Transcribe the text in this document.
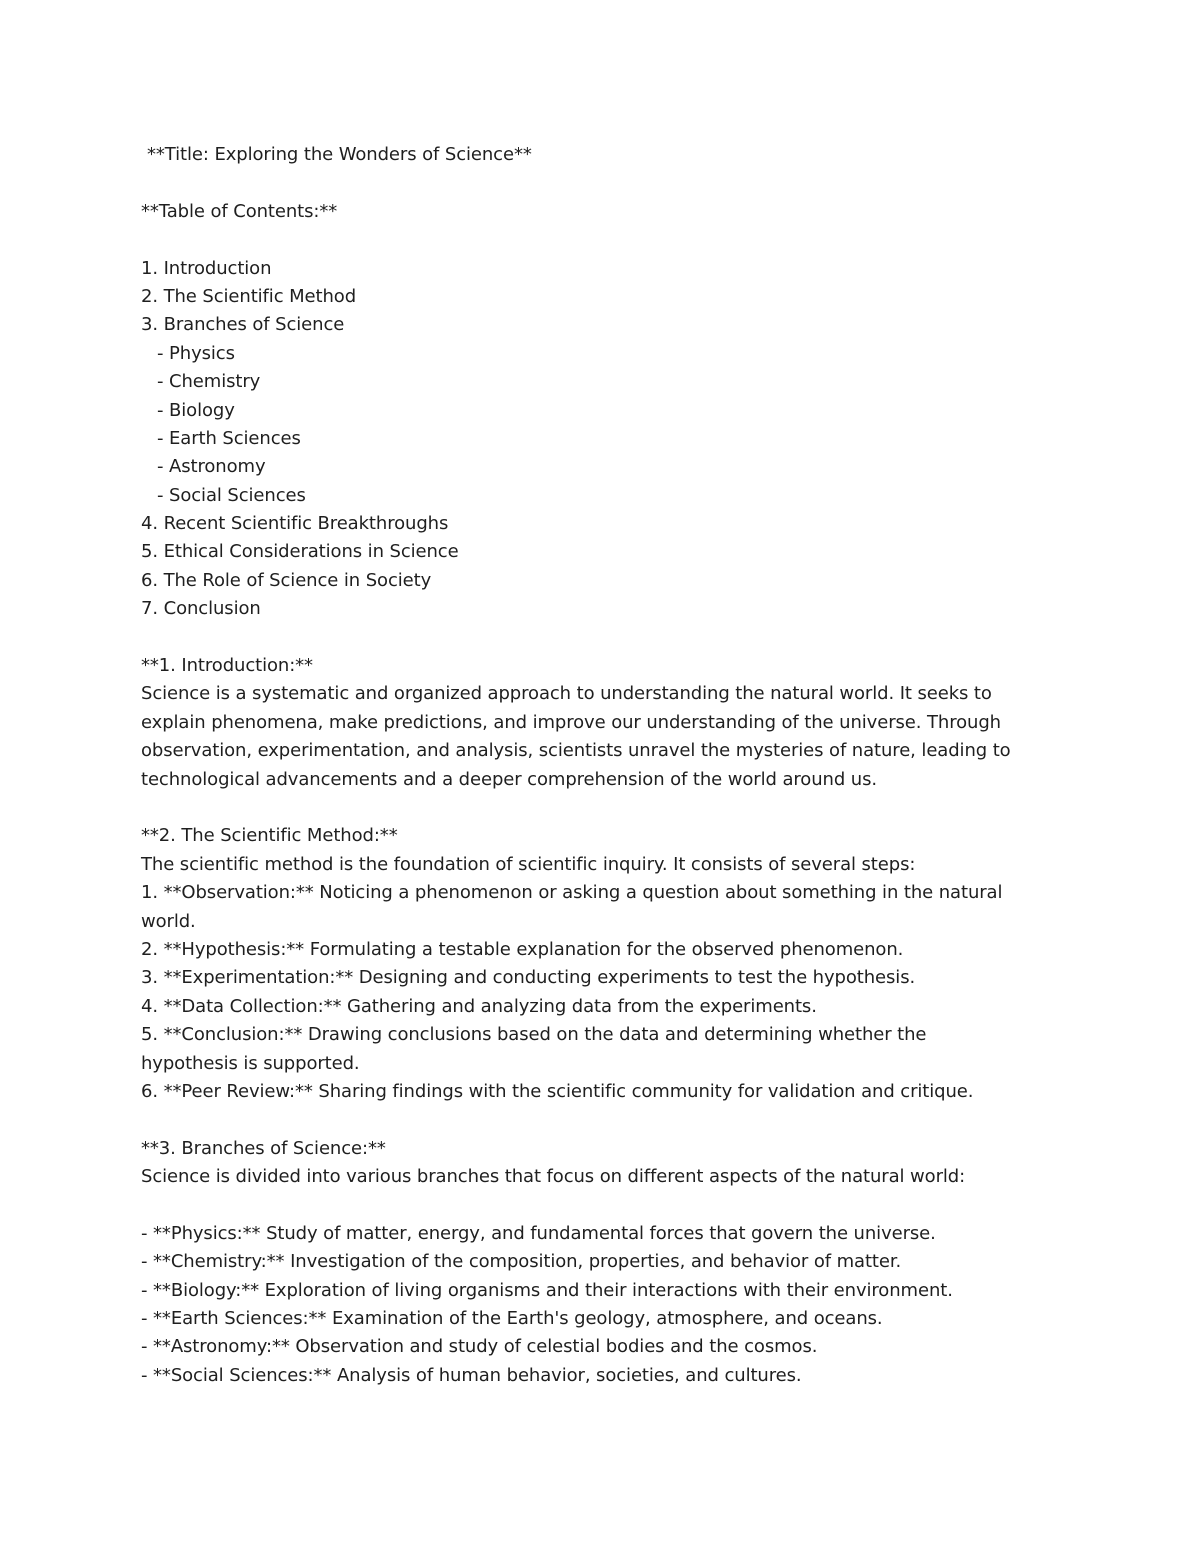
**Title: Exploring the Wonders of Science**
**Table of Contents:**
1. Introduction
2. The Scientific Method
3. Branches of Science
- Physics
- Chemistry
- Biology
- Earth Sciences
- Astronomy
- Social Sciences
4. Recent Scientific Breakthroughs
5. Ethical Considerations in Science
6. The Role of Science in Society
7. Conclusion
**1. Introduction:**
Science is a systematic and organized approach to understanding the natural world. It seeks to
explain phenomena, make predictions, and improve our understanding of the universe. Through
observation, experimentation, and analysis, scientists unravel the mysteries of nature, leading to
technological advancements and a deeper comprehension of the world around us.
**2. The Scientific Method:**
The scientific method is the foundation of scientific inquiry. It consists of several steps:
1. **Observation:** Noticing a phenomenon or asking a question about something in the natural
world.
2. **Hypothesis:** Formulating a testable explanation for the observed phenomenon.
3. **Experimentation:** Designing and conducting experiments to test the hypothesis.
4. **Data Collection:** Gathering and analyzing data from the experiments.
5. **Conclusion:** Drawing conclusions based on the data and determining whether the
hypothesis is supported.
6. **Peer Review:** Sharing findings with the scientific community for validation and critique.
**3. Branches of Science:**
Science is divided into various branches that focus on different aspects of the natural world:
- **Physics:** Study of matter, energy, and fundamental forces that govern the universe.
- **Chemistry:** Investigation of the composition, properties, and behavior of matter.
- **Biology:** Exploration of living organisms and their interactions with their environment.
- **Earth Sciences:** Examination of the Earth's geology, atmosphere, and oceans.
- **Astronomy:** Observation and study of celestial bodies and the cosmos.
- **Social Sciences:** Analysis of human behavior, societies, and cultures.
